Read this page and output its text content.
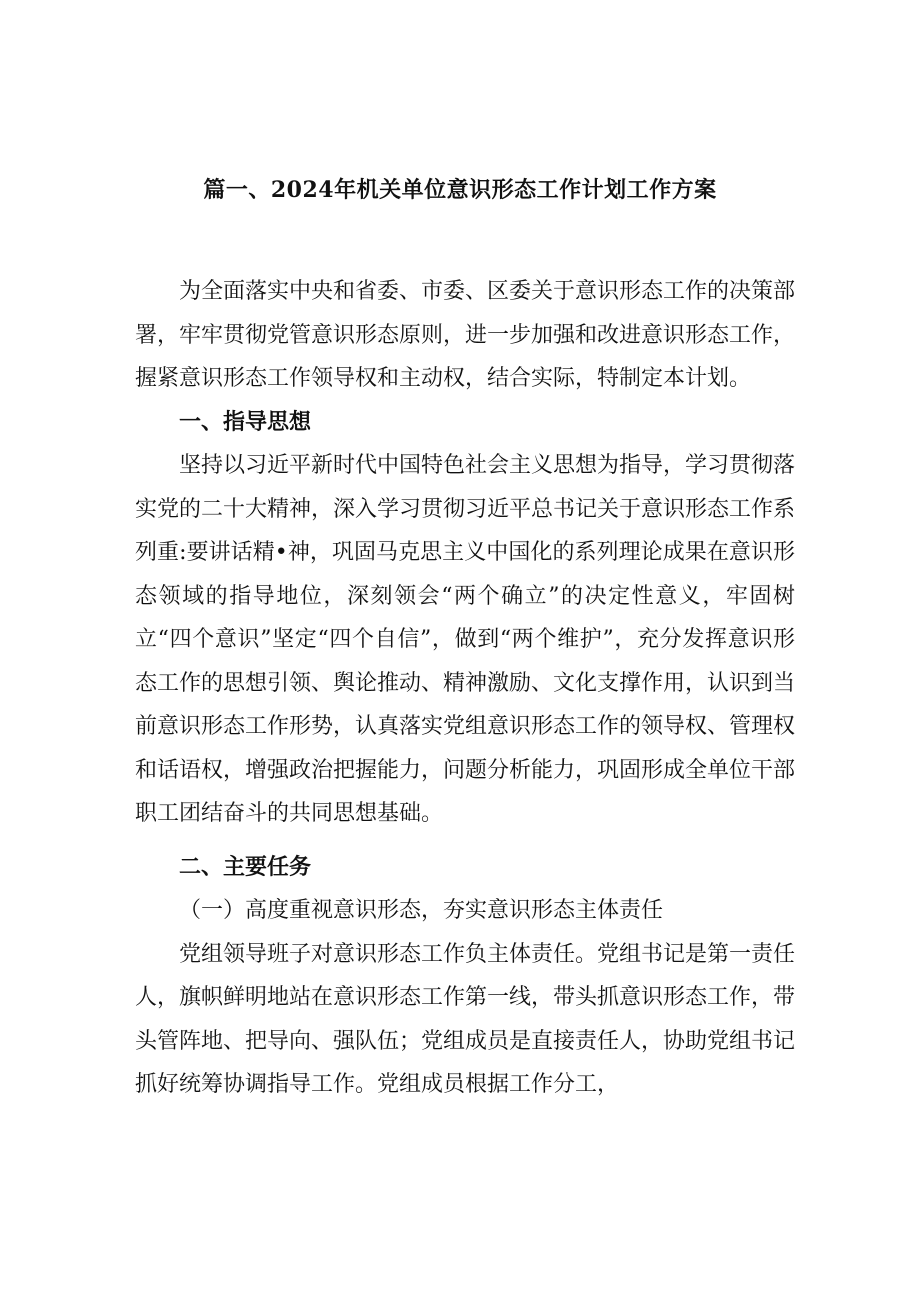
篇一、2024年机关单位意识形态工作计划工作方案

为全面落实中央和省委、市委、区委关于意识形态工作的决策部署，牢牢贯彻党管意识形态原则，进一步加强和改进意识形态工作，握紧意识形态工作领导权和主动权，结合实际，特制定本计划。

一、指导思想

坚持以习近平新时代中国特色社会主义思想为指导，学习贯彻落实党的二十大精神，深入学习贯彻习近平总书记关于意识形态工作系列重:要讲话精•神，巩固马克思主义中国化的系列理论成果在意识形态领域的指导地位，深刻领会“两个确立”的决定性意义，牢固树立“四个意识”坚定“四个自信”，做到“两个维护”，充分发挥意识形态工作的思想引领、舆论推动、精神激励、文化支撑作用，认识到当前意识形态工作形势，认真落实党组意识形态工作的领导权、管理权和话语权，增强政治把握能力，问题分析能力，巩固形成全单位干部职工团结奋斗的共同思想基础。

二、主要任务

（一）高度重视意识形态，夯实意识形态主体责任

党组领导班子对意识形态工作负主体责任。党组书记是第一责任人，旗帜鲜明地站在意识形态工作第一线，带头抓意识形态工作，带头管阵地、把导向、强队伍；党组成员是直接责任人，协助党组书记抓好统筹协调指导工作。党组成员根据工作分工，
